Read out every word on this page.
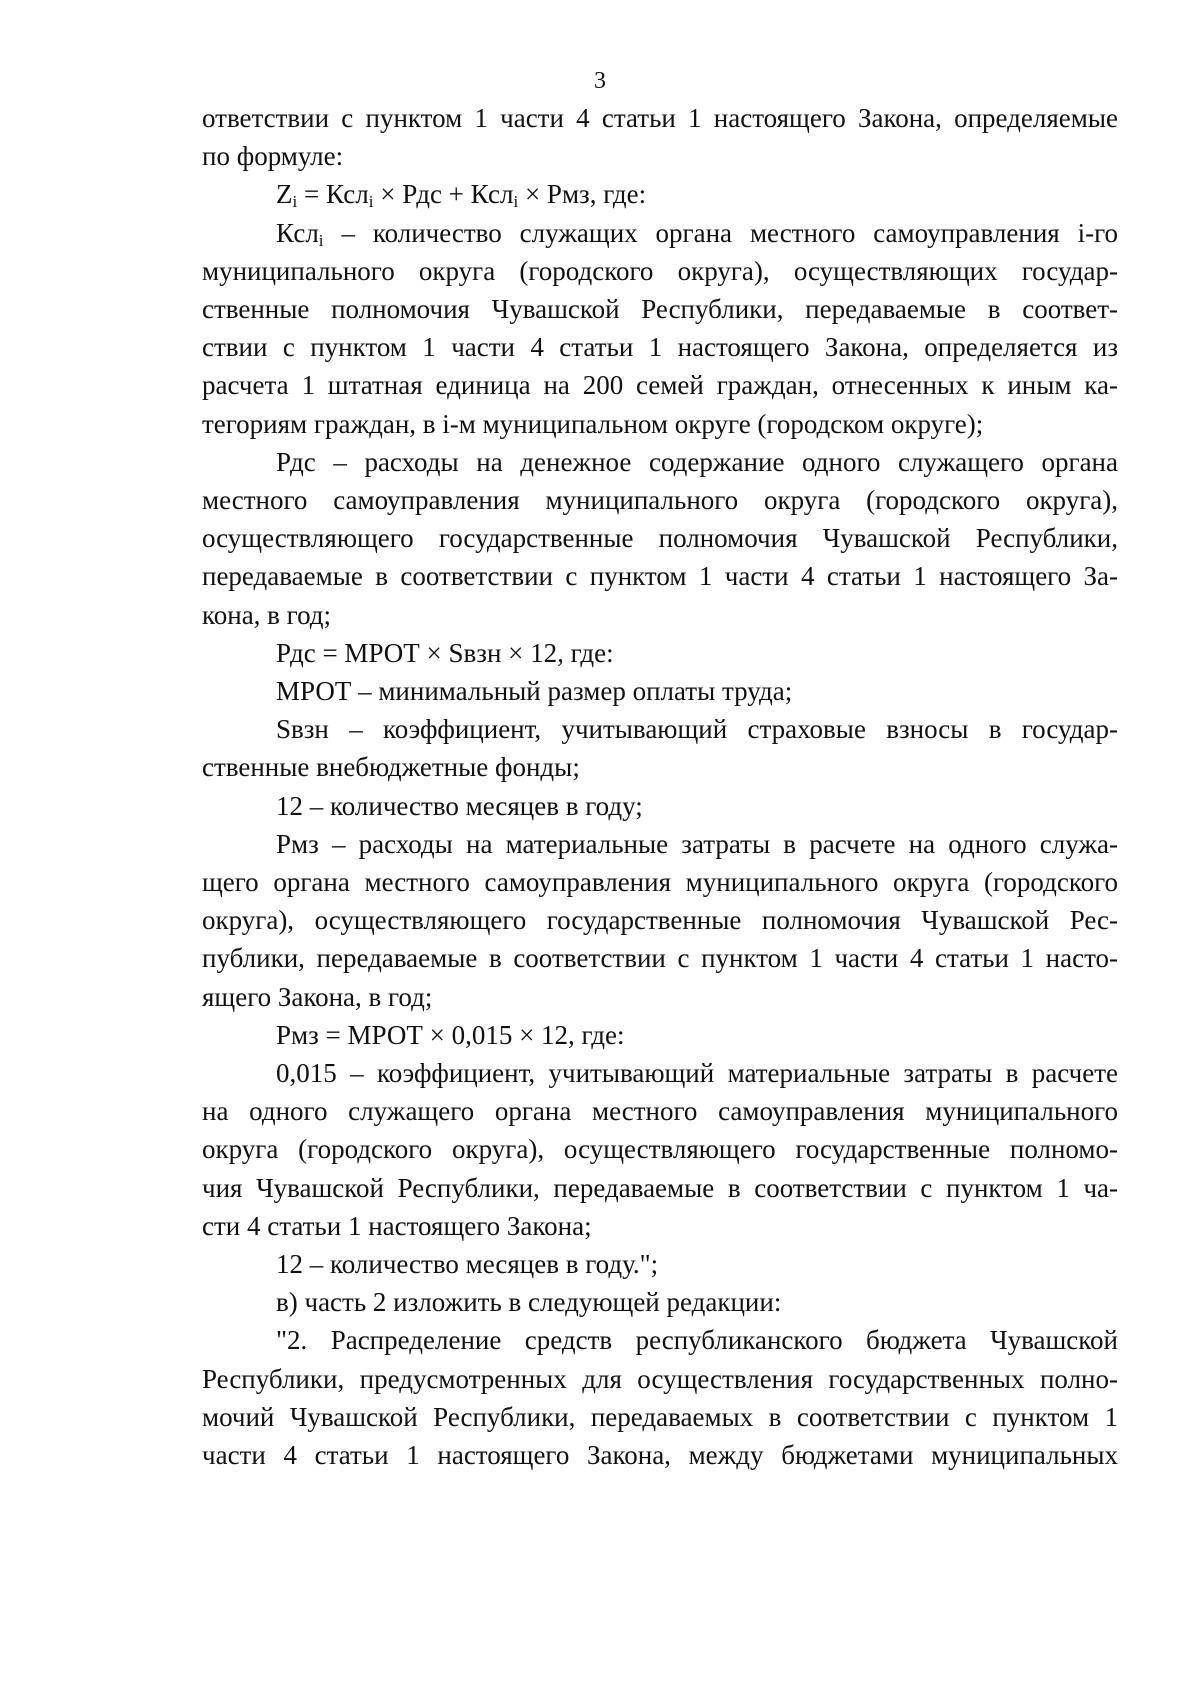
3
ответствии с пунктом 1 части 4 статьи 1 настоящего Закона, определяемые
по формуле:
$Z_i = Ксл_i$ × Рдс + Ксл$_i$ × Рмз, где:
Ксл$_i$ – количество служащих органа местного самоуправления i-го
муниципального округа (городского округа), осуществляющих государ-
ственные полномочия Чувашской Республики, передаваемые в соответ-
ствии с пунктом 1 части 4 статьи 1 настоящего Закона, определяется из
расчета 1 штатная единица на 200 семей граждан, отнесенных к иным ка-
тегориям граждан, в i-м муниципальном округе (городском округе);
Рдс – расходы на денежное содержание одного служащего органа
местного самоуправления муниципального округа (городского округа),
осуществляющего государственные полномочия Чувашской Республики,
передаваемые в соответствии с пунктом 1 части 4 статьи 1 настоящего За-
кона, в год;
Рдс = МРОТ × Sвзн × 12, где:
МРОТ – минимальный размер оплаты труда;
Sвзн – коэффициент, учитывающий страховые взносы в государ-
ственные внебюджетные фонды;
12 – количество месяцев в году;
Рмз – расходы на материальные затраты в расчете на одного служа-
щего органа местного самоуправления муниципального округа (городского
округа), осуществляющего государственные полномочия Чувашской Рес-
публики, передаваемые в соответствии с пунктом 1 части 4 статьи 1 насто-
ящего Закона, в год;
Рмз = МРОТ × 0,015 × 12, где:
0,015 – коэффициент, учитывающий материальные затраты в расчете
на одного служащего органа местного самоуправления муниципального
округа (городского округа), осуществляющего государственные полномо-
чия Чувашской Республики, передаваемые в соответствии с пунктом 1 ча-
сти 4 статьи 1 настоящего Закона;
12 – количество месяцев в году.";
в) часть 2 изложить в следующей редакции:
"2. Распределение средств республиканского бюджета Чувашской
Республики, предусмотренных для осуществления государственных полно-
мочий Чувашской Республики, передаваемых в соответствии с пунктом 1
части 4 статьи 1 настоящего Закона, между бюджетами муниципальных
